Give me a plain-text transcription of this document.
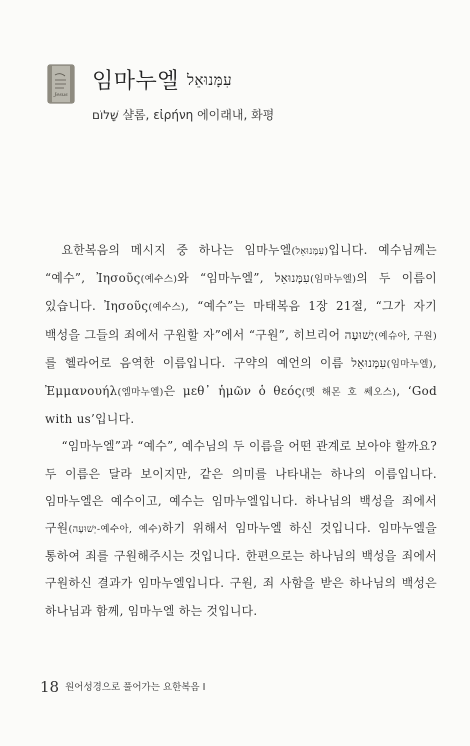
Jesus
임마누엘 עִמָּנוּאֵל
שָׁלוֹם 샬롬, εἰρήνη 에이래내, 화평

요한복음의 메시지 중 하나는 임마누엘(עִמָּנוּאֵל)입니다. 예수님께는 “예수”, Ἰησοῦς(예수스)와 “임마누엘”, עִמָּנוּאֵל(임마누엘)의 두 이름이 있습니다. Ἰησοῦς(예수스), “예수”는 마태복음 1장 21절, “그가 자기 백성을 그들의 죄에서 구원할 자”에서 “구원”, 히브리어 יְשׁוּעָה(예슈아, 구원)를 헬라어로 음역한 이름입니다. 구약의 예언의 이름 עִמָּנוּאֵל(임마누엘), Ἐμμανουήλ(엠마누엘)은 μεθ᾽ ἡμῶν ὁ θεός(멧 해몬 호 쎄오스), ‘God with us’입니다.

“임마누엘”과 “예수”, 예수님의 두 이름을 어떤 관계로 보아야 할까요? 두 이름은 달라 보이지만, 같은 의미를 나타내는 하나의 이름입니다. 임마누엘은 예수이고, 예수는 임마누엘입니다. 하나님의 백성을 죄에서 구원(יְשׁוּעָה-예수아, 예수)하기 위해서 임마누엘 하신 것입니다. 임마누엘을 통하여 죄를 구원해주시는 것입니다. 한편으로는 하나님의 백성을 죄에서 구원하신 결과가 임마누엘입니다. 구원, 죄 사함을 받은 하나님의 백성은 하나님과 함께, 임마누엘 하는 것입니다.

18 원어성경으로 풀어가는 요한복음 I
